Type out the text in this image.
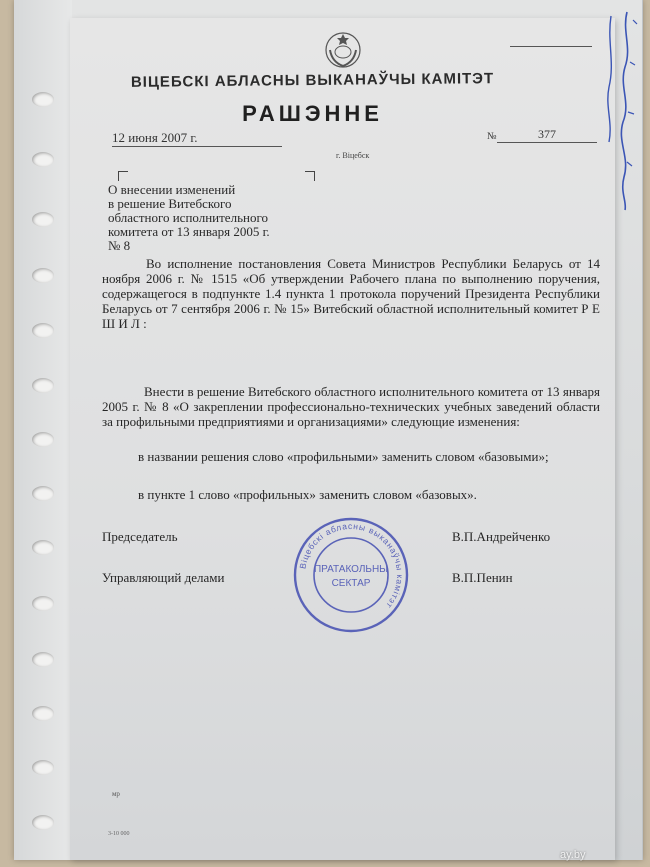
ВІЦЕБСКІ АБЛАСНЫ ВЫКАНАЎЧЫ КАМІТЭТ
РАШЭННЕ
12 июня 2007 г.	№	377
г. Віцебск
О внесении изменений
в решение Витебского
областного исполнительного
комитета от 13 января 2005 г.
№ 8
Во исполнение постановления Совета Министров Республики Беларусь от 14 ноября 2006 г. № 1515 «Об утверждении Рабочего плана по выполнению поручения, содержащегося в подпункте 1.4 пункта 1 протокола поручений Президента Республики Беларусь от 7 сентября 2006 г. № 15» Витебский областной исполнительный комитет Р Е Ш И Л :
Внести в решение Витебского областного исполнительного комитета от 13 января 2005 г. № 8 «О закреплении профессионально-технических учебных заведений области за профильными предприятиями и организациями» следующие изменения:
в названии решения слово «профильными» заменить словом «базовыми»;
в пункте 1 слово «профильных» заменить словом «базовых».
Председатель	В.П.Андрейченко
Управляющий делами	В.П.Пенин
Віцебскі абласны выканаўчы камітэт
ПРАТАКОЛЬНЫ
СЕКТАР
мр
3-10 000
ay.by
